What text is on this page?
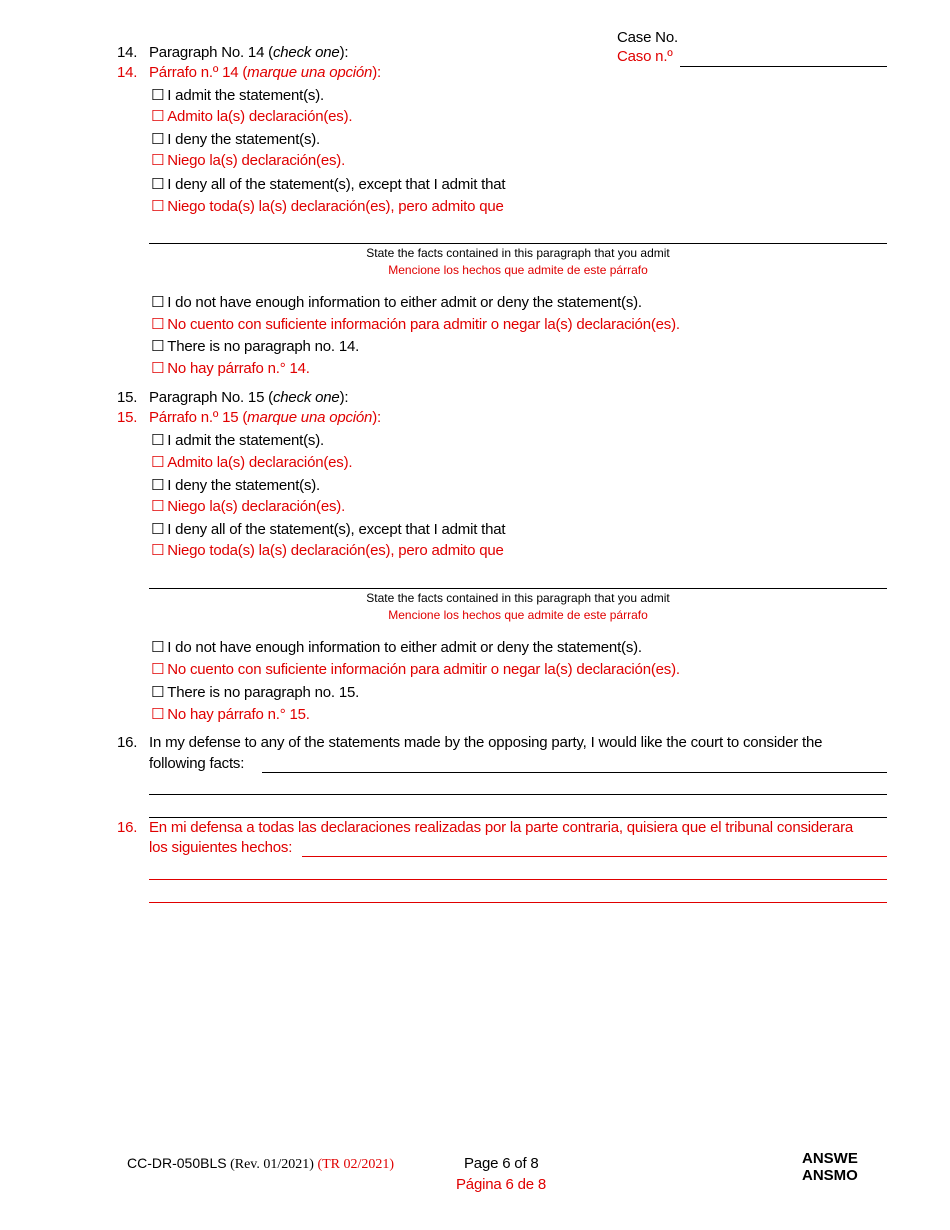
Case No.
Caso n.º
14. Paragraph No. 14 (check one):
14. Párrafo n.º 14 (marque una opción):
☐ I admit the statement(s).
☐ Admito la(s) declaración(es).
☐ I deny the statement(s).
☐ Niego la(s) declaración(es).
☐ I deny all of the statement(s), except that I admit that
☐ Niego toda(s) la(s) declaración(es), pero admito que
State the facts contained in this paragraph that you admit
Mencione los hechos que admite de este párrafo
☐ I do not have enough information to either admit or deny the statement(s).
☐ No cuento con suficiente información para admitir o negar la(s) declaración(es).
☐ There is no paragraph no. 14.
☐ No hay párrafo n.° 14.
15. Paragraph No. 15 (check one):
15. Párrafo n.º 15 (marque una opción):
☐ I admit the statement(s).
☐ Admito la(s) declaración(es).
☐ I deny the statement(s).
☐ Niego la(s) declaración(es).
☐ I deny all of the statement(s), except that I admit that
☐ Niego toda(s) la(s) declaración(es), pero admito que
State the facts contained in this paragraph that you admit
Mencione los hechos que admite de este párrafo
☐ I do not have enough information to either admit or deny the statement(s).
☐ No cuento con suficiente información para admitir o negar la(s) declaración(es).
☐ There is no paragraph no. 15.
☐ No hay párrafo n.° 15.
16. In my defense to any of the statements made by the opposing party, I would like the court to consider the
following facts:
16. En mi defensa a todas las declaraciones realizadas por la parte contraria, quisiera que el tribunal considerara
los siguientes hechos:
CC-DR-050BLS (Rev. 01/2021) (TR 02/2021)	Page 6 of 8
Página 6 de 8
ANSWE
ANSMO
